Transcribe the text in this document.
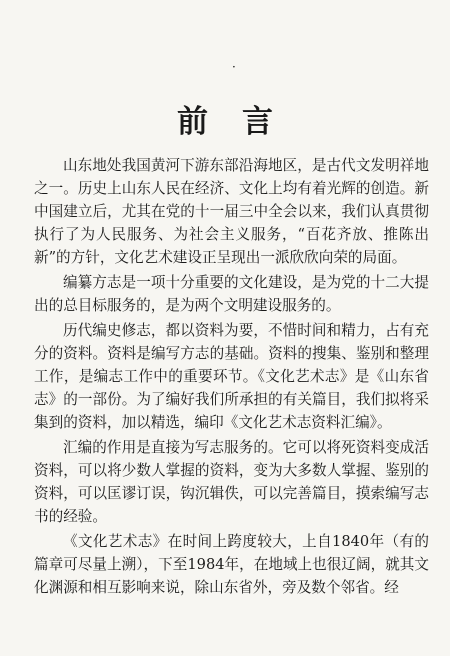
·
前言

山东地处我国黄河下游东部沿海地区，是古代文发明祥地之一。历史上山东人民在经济、文化上均有着光辉的创造。新中国建立后，尤其在党的十一届三中全会以来，我们认真贯彻执行了为人民服务、为社会主义服务，“百花齐放、推陈出新”的方针，文化艺术建设正呈现出一派欣欣向荣的局面。

编纂方志是一项十分重要的文化建设，是为党的十二大提出的总目标服务的，是为两个文明建设服务的。

历代编史修志，都以资料为要，不惜时间和精力，占有充分的资料。资料是编写方志的基础。资料的搜集、鉴别和整理工作，是编志工作中的重要环节。《文化艺术志》是《山东省志》的一部份。为了编好我们所承担的有关篇目，我们拟将采集到的资料，加以精选，编印《文化艺术志资料汇编》。

汇编的作用是直接为写志服务的。它可以将死资料变成活资料，可以将少数人掌握的资料，变为大多数人掌握、鉴别的资料，可以匡谬订误，钩沉辑佚，可以完善篇目，摸索编写志书的经验。

《文化艺术志》在时间上跨度较大，上自1840年（有的篇章可尽量上溯），下至1984年，在地域上也很辽阔，就其文化渊源和相互影响来说，除山东省外，旁及数个邻省。经
